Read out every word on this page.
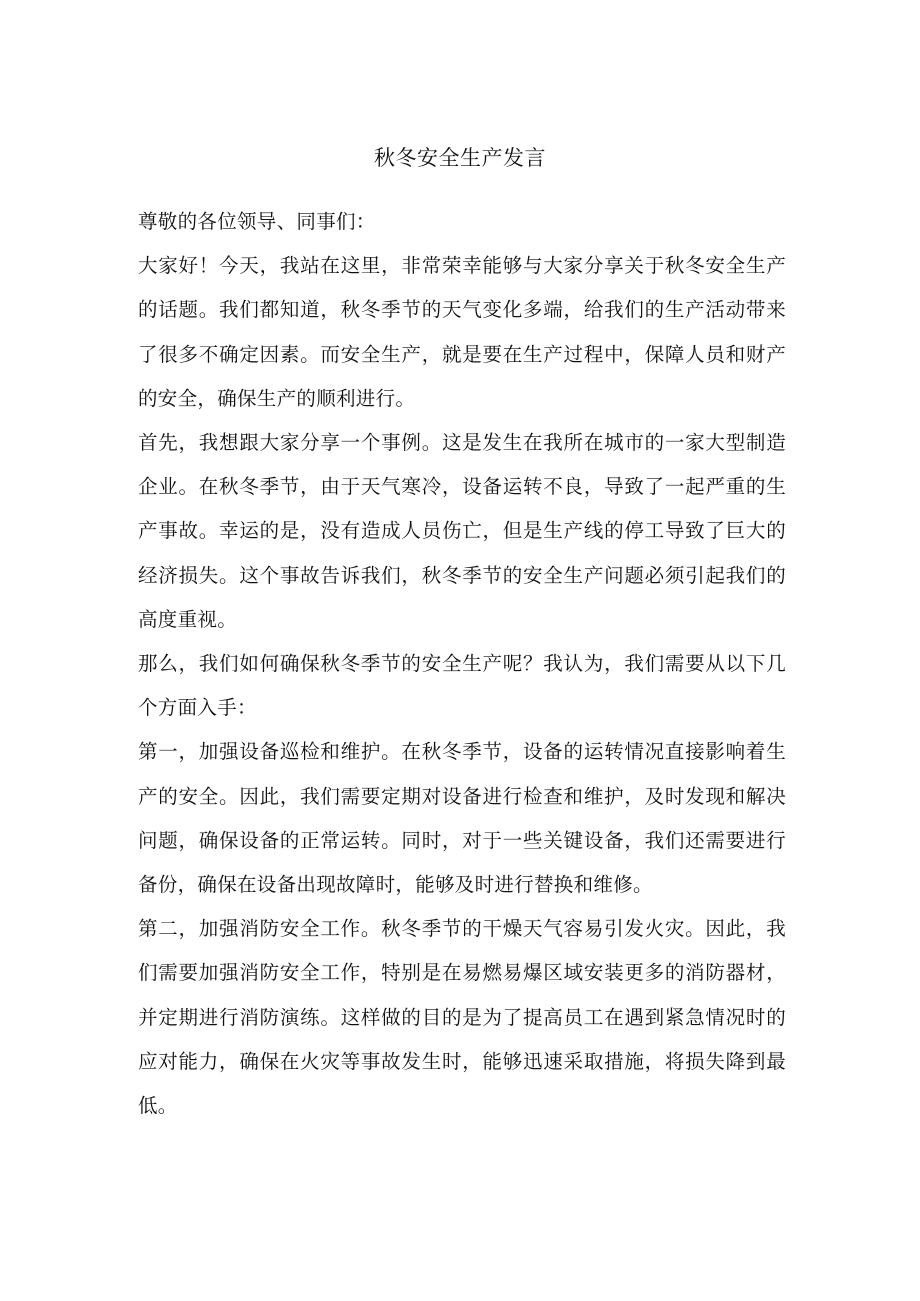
秋冬安全生产发言

尊敬的各位领导、同事们：

大家好！今天，我站在这里，非常荣幸能够与大家分享关于秋冬安全生产的话题。我们都知道，秋冬季节的天气变化多端，给我们的生产活动带来了很多不确定因素。而安全生产，就是要在生产过程中，保障人员和财产的安全，确保生产的顺利进行。

首先，我想跟大家分享一个事例。这是发生在我所在城市的一家大型制造企业。在秋冬季节，由于天气寒冷，设备运转不良，导致了一起严重的生产事故。幸运的是，没有造成人员伤亡，但是生产线的停工导致了巨大的经济损失。这个事故告诉我们，秋冬季节的安全生产问题必须引起我们的高度重视。

那么，我们如何确保秋冬季节的安全生产呢？我认为，我们需要从以下几个方面入手：

第一，加强设备巡检和维护。在秋冬季节，设备的运转情况直接影响着生产的安全。因此，我们需要定期对设备进行检查和维护，及时发现和解决问题，确保设备的正常运转。同时，对于一些关键设备，我们还需要进行备份，确保在设备出现故障时，能够及时进行替换和维修。

第二，加强消防安全工作。秋冬季节的干燥天气容易引发火灾。因此，我们需要加强消防安全工作，特别是在易燃易爆区域安装更多的消防器材，并定期进行消防演练。这样做的目的是为了提高员工在遇到紧急情况时的应对能力，确保在火灾等事故发生时，能够迅速采取措施，将损失降到最低。
